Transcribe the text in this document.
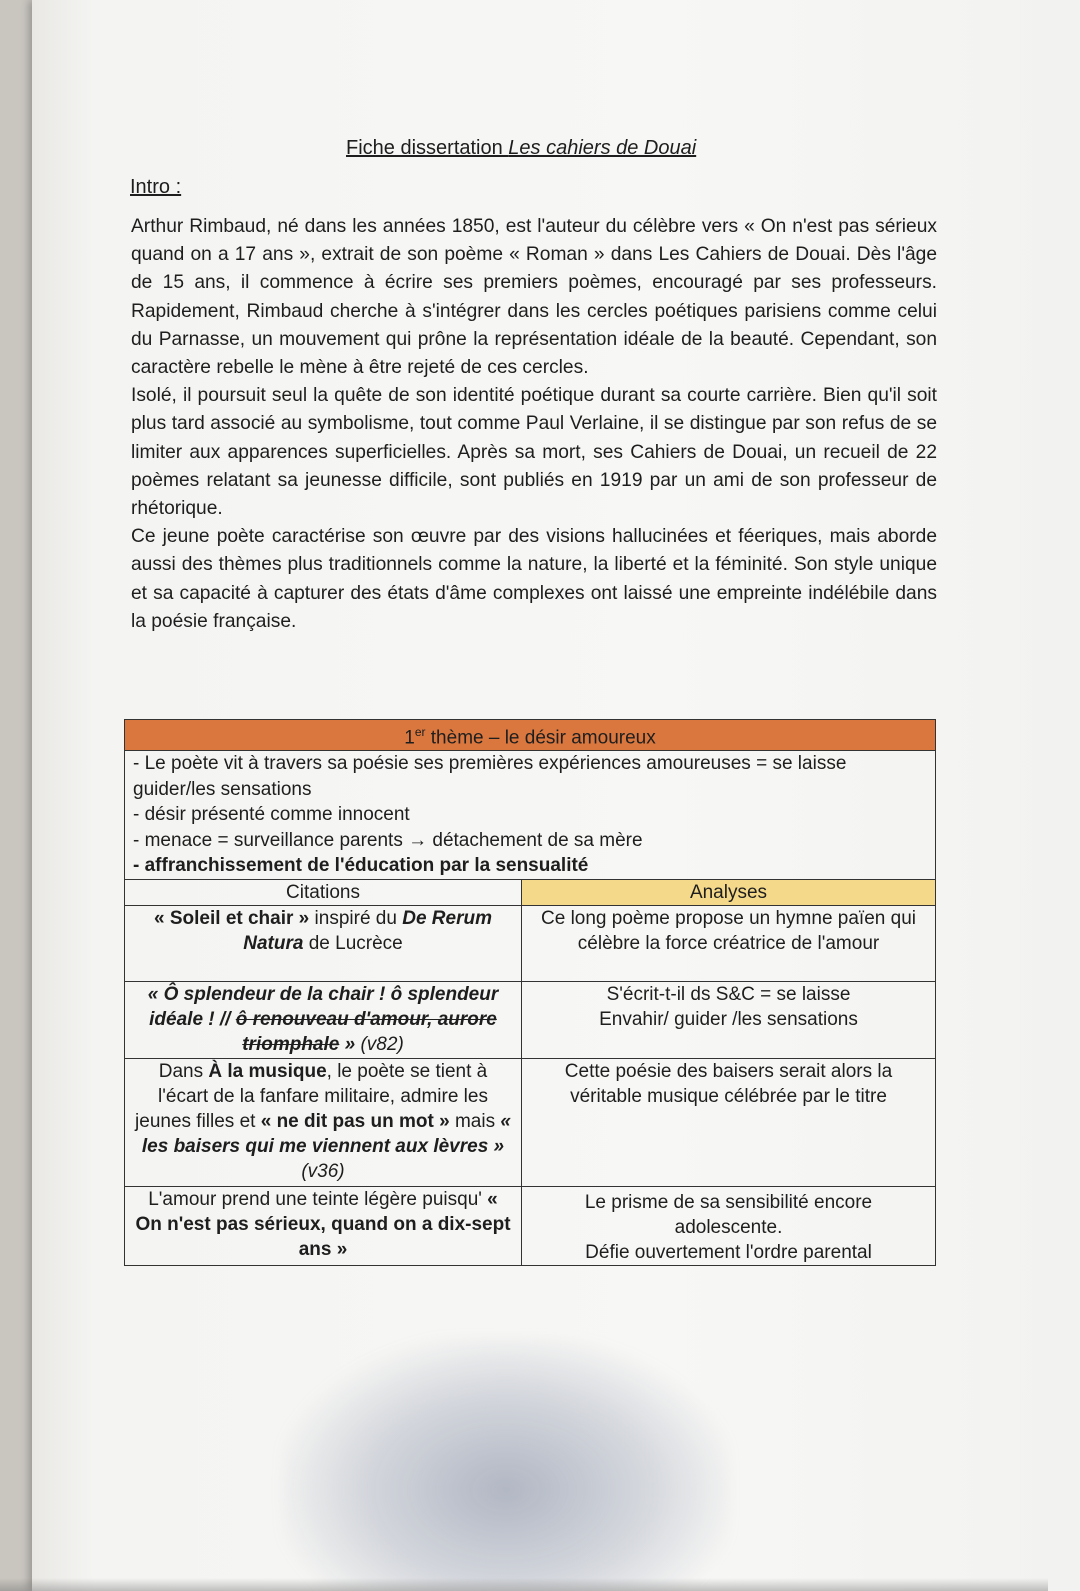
Fiche dissertation Les cahiers de Douai
Intro :

Arthur Rimbaud, né dans les années 1850, est l'auteur du célèbre vers « On n'est pas sérieux quand on a 17 ans », extrait de son poème « Roman » dans Les Cahiers de Douai. Dès l'âge de 15 ans, il commence à écrire ses premiers poèmes, encouragé par ses professeurs. Rapidement, Rimbaud cherche à s'intégrer dans les cercles poétiques parisiens comme celui du Parnasse, un mouvement qui prône la représentation idéale de la beauté. Cependant, son caractère rebelle le mène à être rejeté de ces cercles.

Isolé, il poursuit seul la quête de son identité poétique durant sa courte carrière. Bien qu'il soit plus tard associé au symbolisme, tout comme Paul Verlaine, il se distingue par son refus de se limiter aux apparences superficielles. Après sa mort, ses Cahiers de Douai, un recueil de 22 poèmes relatant sa jeunesse difficile, sont publiés en 1919 par un ami de son professeur de rhétorique.

Ce jeune poète caractérise son œuvre par des visions hallucinées et féeriques, mais aborde aussi des thèmes plus traditionnels comme la nature, la liberté et la féminité. Son style unique et sa capacité à capturer des états d'âme complexes ont laissé une empreinte indélébile dans la poésie française.

1er thème – le désir amoureux	

- Le poète vit à travers sa poésie ses premières expériences amoureuses = se laisse guider/les sensations
- désir présenté comme innocent
- menace = surveillance parents → détachement de sa mère
- affranchissement de l'éducation par la sensualité	

Citations	Analyses
« Soleil et chair » inspiré du De Rerum Natura de Lucrèce	Ce long poème propose un hymne païen qui célèbre la force créatrice de l'amour
« Ô splendeur de la chair ! ô splendeur idéale ! // ô renouveau d'amour, aurore triomphale » (v82)	S'écrit-t-il ds S&C = se laisse
Envahir/ guider /les sensations

Dans À la musique, le poète se tient à l'écart de la fanfare militaire, admire les jeunes filles et « ne dit pas un mot » mais « les baisers qui me viennent aux lèvres » (v36)	Cette poésie des baisers serait alors la véritable musique célébrée par le titre
L'amour prend une teinte légère puisqu' « On n'est pas sérieux, quand on a dix-sept ans »	Le prisme de sa sensibilité encore adolescente.
Défie ouvertement l'ordre parental
